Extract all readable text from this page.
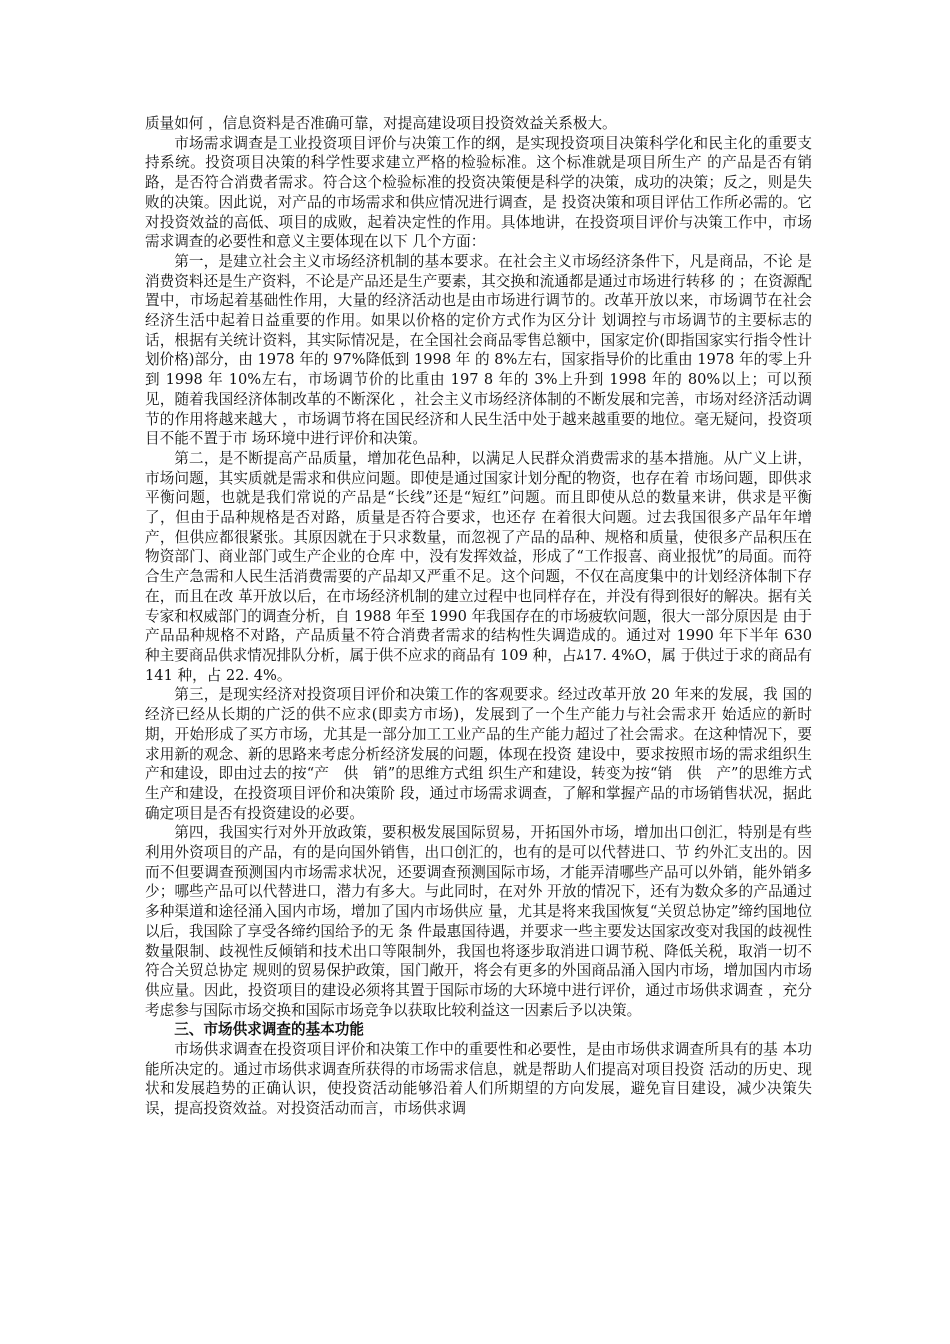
质量如何 ，信息资料是否准确可靠，对提高建设项目投资效益关系极大。

市场需求调查是工业投资项目评价与决策工作的纲，是实现投资项目决策科学化和民主化的重要支持系统。投资项目决策的科学性要求建立严格的检验标准。这个标准就是项目所生产 的产品是否有销路，是否符合消费者需求。符合这个检验标准的投资决策便是科学的决策，成功的决策；反之，则是失败的决策。因此说，对产品的市场需求和供应情况进行调查，是 投资决策和项目评估工作所必需的。它对投资效益的高低、项目的成败，起着决定性的作用。具体地讲，在投资项目评价与决策工作中，市场需求调查的必要性和意义主要体现在以下 几个方面：

第一，是建立社会主义市场经济机制的基本要求。在社会主义市场经济条件下，凡是商品，不论 是消费资料还是生产资料，不论是产品还是生产要素，其交换和流通都是通过市场进行转移 的 ；在资源配置中，市场起着基础性作用，大量的经济活动也是由市场进行调节的。改革开放以来，市场调节在社会经济生活中起着日益重要的作用。如果以价格的定价方式作为区分计 划调控与市场调节的主要标志的话，根据有关统计资料，其实际情况是，在全国社会商品零售总额中，国家定价(即指国家实行指令性计划价格)部分，由 1978 年的 97%降低到 1998 年 的 8%左右，国家指导价的比重由 1978 年的零上升到 1998 年 10%左右，市场调节价的比重由 197 8 年的 3%上升到 1998 年的 80%以上；可以预见，随着我国经济体制改革的不断深化 ，社会主义市场经济体制的不断发展和完善，市场对经济活动调节的作用将越来越大 ，市场调节将在国民经济和人民生活中处于越来越重要的地位。毫无疑问，投资项目不能不置于市 场环境中进行评价和决策。

第二，是不断提高产品质量，增加花色品种，以满足人民群众消费需求的基本措施。从广义上讲，市场问题，其实质就是需求和供应问题。即使是通过国家计划分配的物资，也存在着 市场问题，即供求平衡问题，也就是我们常说的产品是“长线”还是“短红”问题。而且即使从总的数量来讲，供求是平衡了，但由于品种规格是否对路，质量是否符合要求，也还存 在着很大问题。过去我国很多产品年年增产，但供应都很紧张。其原因就在于只求数量，而忽视了产品的品种、规格和质量，使很多产品积压在物资部门、商业部门或生产企业的仓库 中，没有发挥效益，形成了“工作报喜、商业报忧”的局面。而符合生产急需和人民生活消费需要的产品却又严重不足。这个问题，不仅在高度集中的计划经济体制下存在，而且在改 革开放以后，在市场经济机制的建立过程中也同样存在，并没有得到很好的解决。据有关专家和权威部门的调查分析，自 1988 年至 1990 年我国存在的市场疲软问题，很大一部分原因是 由于产品品种规格不对路，产品质量不符合消费者需求的结构性失调造成的。通过对 1990 年下半年 630 种主要商品供求情况排队分析，属于供不应求的商品有 109 种，占ﾑ17. 4%Ο，属 于供过于求的商品有 141 种，占 22. 4%。

第三，是现实经济对投资项目评价和决策工作的客观要求。经过改革开放 20 年来的发展，我 国的经济已经从长期的广泛的供不应求(即卖方市场)，发展到了一个生产能力与社会需求开 始适应的新时期，开始形成了买方市场，尤其是一部分加工工业产品的生产能力超过了社会需求。在这种情况下，要求用新的观念、新的思路来考虑分析经济发展的问题，体现在投资 建设中，要求按照市场的需求组织生产和建设，即由过去的按“产　供　销”的思维方式组 织生产和建设，转变为按“销　供　产”的思维方式生产和建设，在投资项目评价和决策阶 段，通过市场需求调查，了解和掌握产品的市场销售状况，据此确定项目是否有投资建设的必要。

第四，我国实行对外开放政策，要积极发展国际贸易，开拓国外市场，增加出口创汇，特别是有些利用外资项目的产品，有的是向国外销售，出口创汇的，也有的是可以代替进口、节 约外汇支出的。因而不但要调查预测国内市场需求状况，还要调查预测国际市场，才能弄清哪些产品可以外销，能外销多少；哪些产品可以代替进口，潜力有多大。与此同时，在对外 开放的情况下，还有为数众多的产品通过多种渠道和途径涌入国内市场，增加了国内市场供应 量，尤其是将来我国恢复“关贸总协定”缔约国地位以后，我国除了享受各缔约国给予的无 条 件最惠国待遇，并要求一些主要发达国家改变对我国的歧视性数量限制、歧视性反倾销和技术出口等限制外，我国也将逐步取消进口调节税、降低关税，取消一切不符合关贸总协定 规则的贸易保护政策，国门敞开，将会有更多的外国商品涌入国内市场，增加国内市场供应量。因此，投资项目的建设必须将其置于国际市场的大环境中进行评价，通过市场供求调查 ，充分考虑参与国际市场交换和国际市场竞争以获取比较利益这一因素后予以决策。

三、市场供求调查的基本功能

市场供求调查在投资项目评价和决策工作中的重要性和必要性，是由市场供求调查所具有的基 本功能所决定的。通过市场供求调查所获得的市场需求信息，就是帮助人们提高对项目投资 活动的历史、现状和发展趋势的正确认识，使投资活动能够沿着人们所期望的方向发展，避免盲目建设，减少决策失误，提高投资效益。对投资活动而言，市场供求调
